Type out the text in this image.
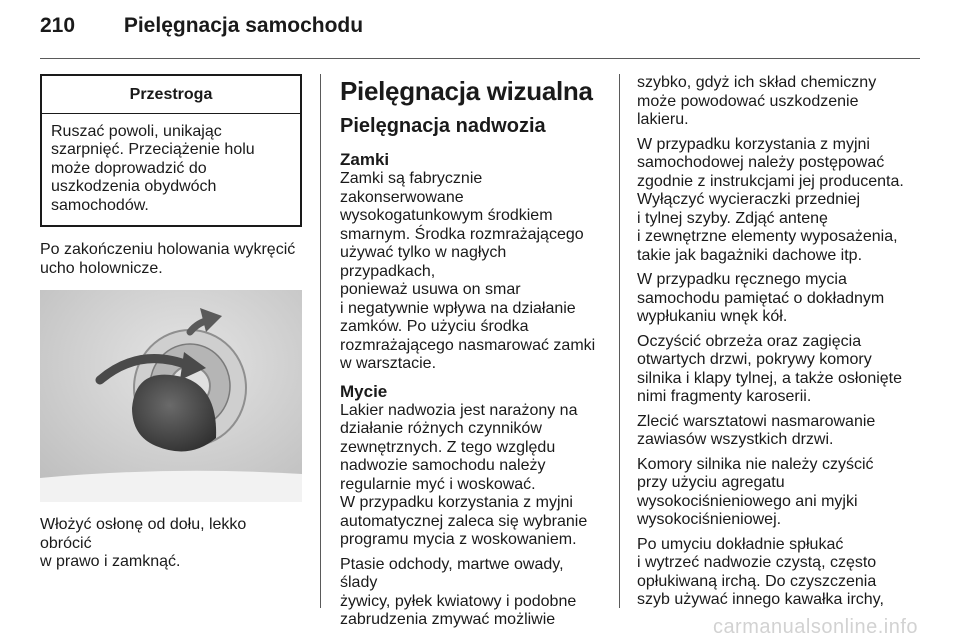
210 Pielęgnacja samochodu
Przestroga
Ruszać powoli, unikając
szarpnięć. Przeciążenie holu
może doprowadzić do
uszkodzenia obydwóch
samochodów.

Po zakończeniu holowania wykręcić
ucho holownicze.

Włożyć osłonę od dołu, lekko obrócić
w prawo i zamknąć.

Pielęgnacja wizualna
Pielęgnacja nadwozia
Zamki

Zamki są fabrycznie
zakonserwowane
wysokogatunkowym środkiem
smarnym. Środka rozmrażającego
używać tylko w nagłych przypadkach,
ponieważ usuwa on smar
i negatywnie wpływa na działanie
zamków. Po użyciu środka
rozmrażającego nasmarować zamki
w warsztacie.

Mycie

Lakier nadwozia jest narażony na
działanie różnych czynników
zewnętrznych. Z tego względu
nadwozie samochodu należy
regularnie myć i woskować.
W przypadku korzystania z myjni
automatycznej zaleca się wybranie
programu mycia z woskowaniem.

Ptasie odchody, martwe owady, ślady
żywicy, pyłek kwiatowy i podobne
zabrudzenia zmywać możliwie

szybko, gdyż ich skład chemiczny
może powodować uszkodzenie
lakieru.

W przypadku korzystania z myjni
samochodowej należy postępować
zgodnie z instrukcjami jej producenta.
Wyłączyć wycieraczki przedniej
i tylnej szyby. Zdjąć antenę
i zewnętrzne elementy wyposażenia,
takie jak bagażniki dachowe itp.

W przypadku ręcznego mycia
samochodu pamiętać o dokładnym
wypłukaniu wnęk kół.

Oczyścić obrzeża oraz zagięcia
otwartych drzwi, pokrywy komory
silnika i klapy tylnej, a także osłonięte
nimi fragmenty karoserii.

Zlecić warsztatowi nasmarowanie
zawiasów wszystkich drzwi.

Komory silnika nie należy czyścić
przy użyciu agregatu
wysokociśnieniowego ani myjki
wysokociśnieniowej.

Po umyciu dokładnie spłukać
i wytrzeć nadwozie czystą, często
opłukiwaną irchą. Do czyszczenia
szyb używać innego kawałka irchy,

carmanualsonline.info
